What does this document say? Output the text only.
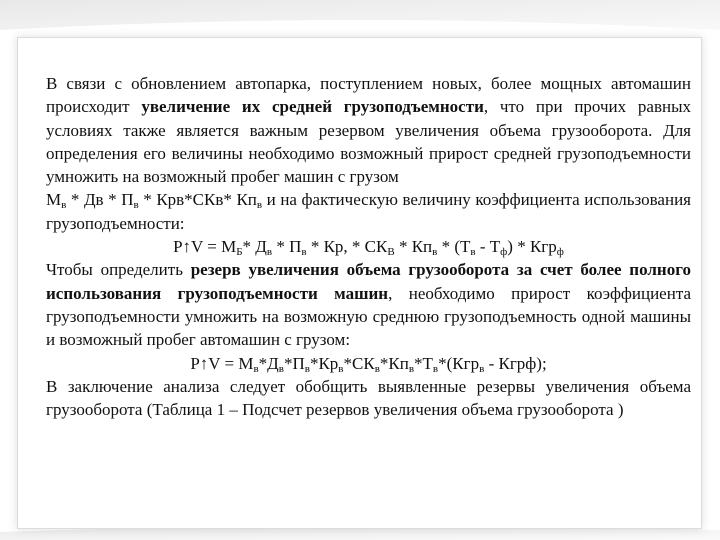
В связи с обновлением автопарка, поступлением новых, более мощных автомашин происходит увеличение их средней грузоподъемности, что при прочих равных условиях также является важным резервом увеличения объема грузооборота. Для определения его величины необходимо возможный прирост средней грузоподъемности умножить на возможный пробег машин с грузом

$М_в$ * Дв * $П_в * Крв*СКв*$ $Кп_в$ и на фактическую величину коэффициента использования грузоподъемности:

Р↑V = $М_Б*$ $Д_в * П_в$ * Кр, * $СК_В * Кп_в * (Т_в - Т_ф) * Кгр_ф$

Чтобы определить резерв увеличения объема грузооборота за счет более полного использования грузоподъемности машин, необходимо прирост коэффициента грузоподъемности умножить на возможную среднюю грузоподъемность одной машины и возможный пробег автомашин с грузом:

Р↑V = $М_в*Д_в*П_в*Кр_в*СК_в*Кп_в*Т_в*(Кгр_в$ - Кгрф);

В заключение анализа следует обобщить выявленные резервы увеличения объема грузооборота (Таблица 1 – Подсчет резервов увеличения объема грузооборота )
